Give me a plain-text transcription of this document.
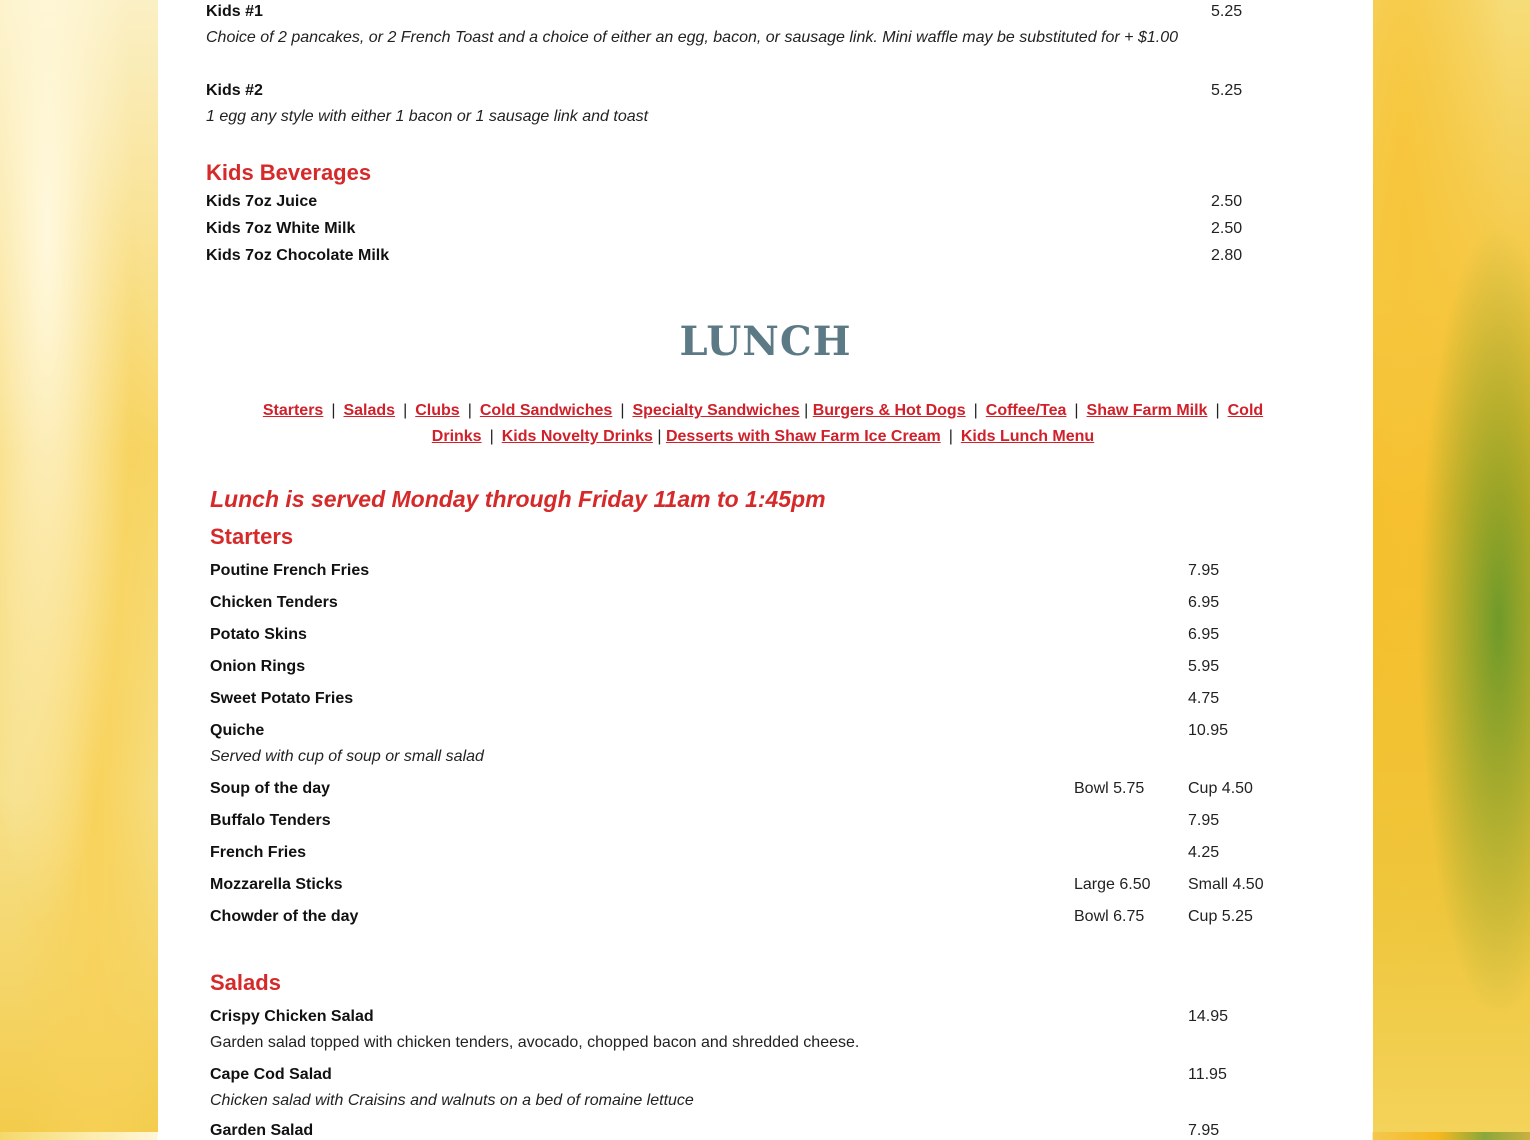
Kids #1	5.25
Choice of 2 pancakes, or 2 French Toast and a choice of either an egg, bacon, or sausage link. Mini waffle may be substituted for + $1.00
Kids #2	5.25
1 egg any style with either 1 bacon or 1 sausage link and toast
Kids Beverages
Kids 7oz Juice	2.50
Kids 7oz White Milk	2.50
Kids 7oz Chocolate Milk	2.80
LUNCH
Starters | Salads | Clubs | Cold Sandwiches | Specialty Sandwiches | Burgers & Hot Dogs | Coffee/Tea | Shaw Farm Milk | Cold Drinks | Kids Novelty Drinks | Desserts with Shaw Farm Ice Cream | Kids Lunch Menu
Lunch is served Monday through Friday 11am to 1:45pm
Starters
Poutine French Fries	7.95
Chicken Tenders	6.95
Potato Skins	6.95
Onion Rings	5.95
Sweet Potato Fries	4.75
Quiche	10.95
Served with cup of soup or small salad
Soup of the day	Bowl 5.75	Cup 4.50
Buffalo Tenders	7.95
French Fries	4.25
Mozzarella Sticks	Large 6.50 Small 4.50
Chowder of the day	Bowl 6.75	Cup 5.25
Salads
Crispy Chicken Salad	14.95
Garden salad topped with chicken tenders, avocado, chopped bacon and shredded cheese.
Cape Cod Salad	11.95
Chicken salad with Craisins and walnuts on a bed of romaine lettuce
Garden Salad	7.95
